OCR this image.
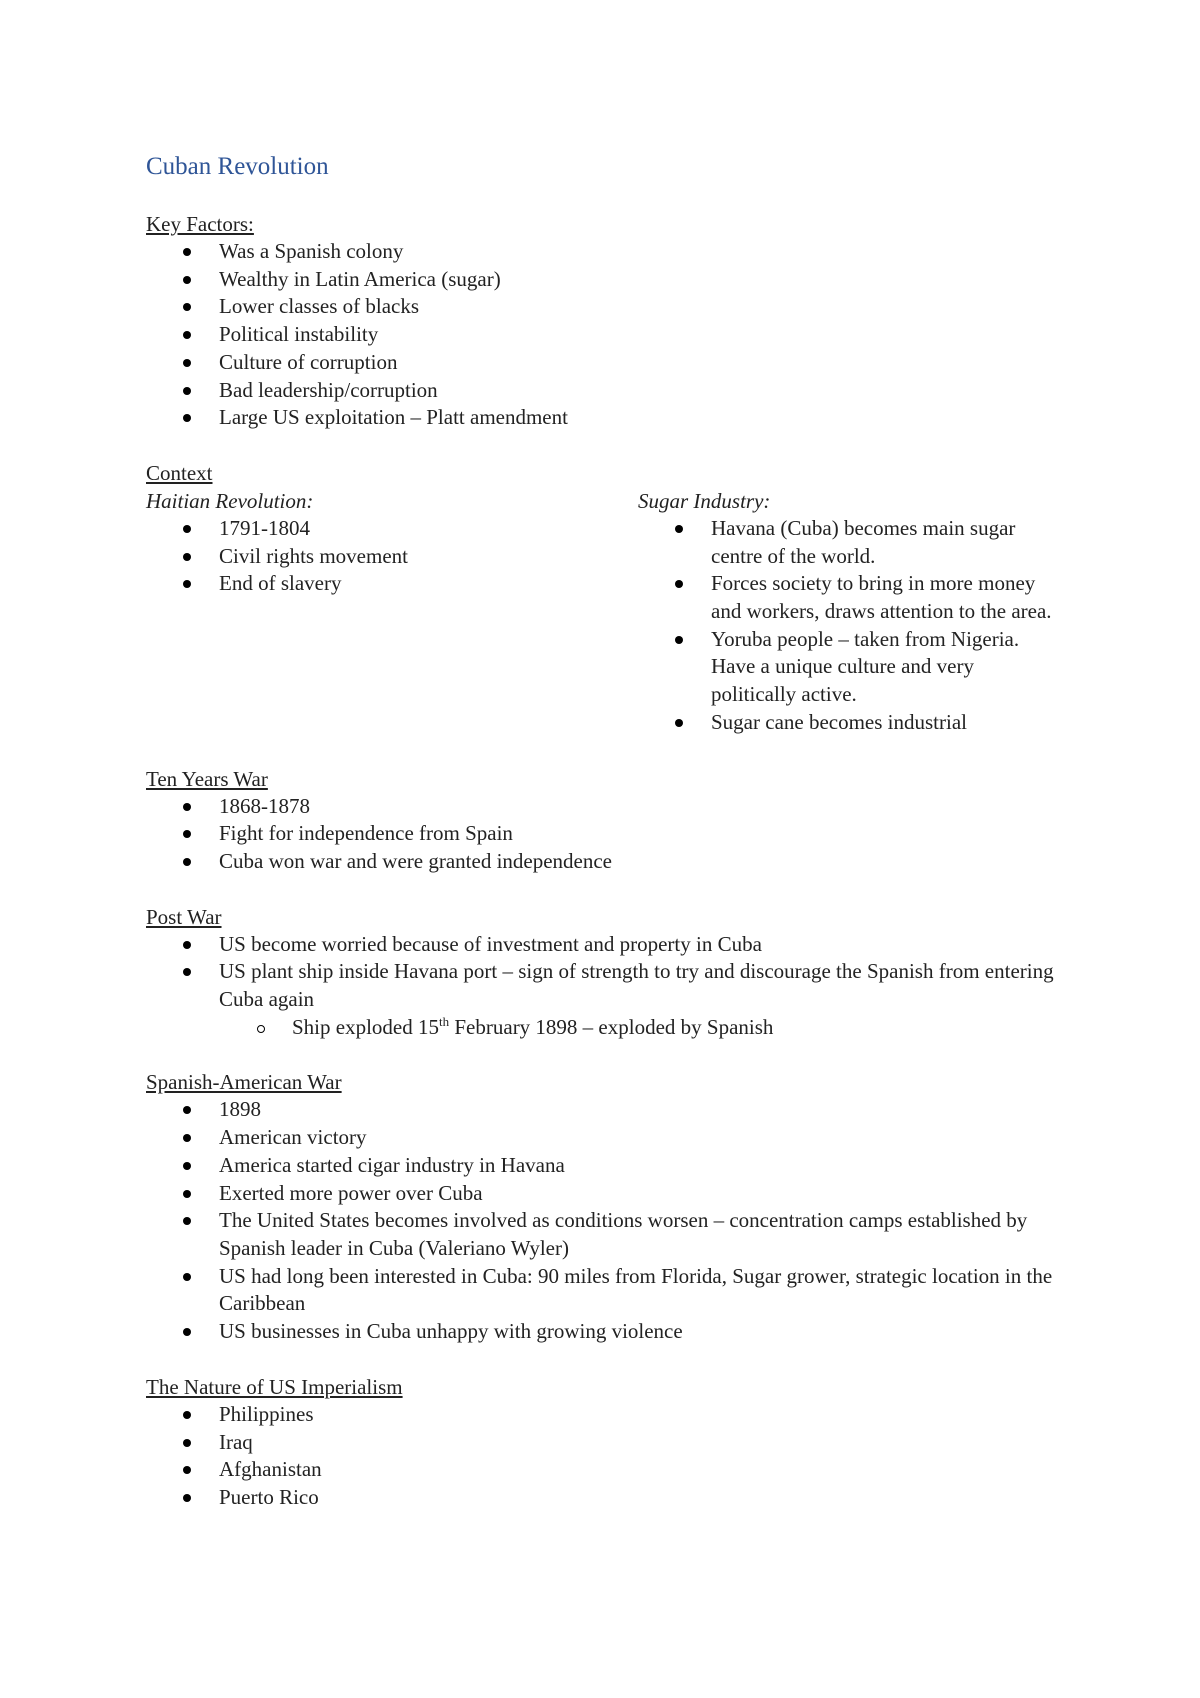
Cuban Revolution
Key Factors:
Was a Spanish colony
Wealthy in Latin America (sugar)
Lower classes of blacks
Political instability
Culture of corruption
Bad leadership/corruption
Large US exploitation – Platt amendment
Context
Haitian Revolution:
1791-1804
Civil rights movement
End of slavery
Sugar Industry:
Havana (Cuba) becomes main sugar centre of the world.
Forces society to bring in more money and workers, draws attention to the area.
Yoruba people – taken from Nigeria. Have a unique culture and very politically active.
Sugar cane becomes industrial
Ten Years War
1868-1878
Fight for independence from Spain
Cuba won war and were granted independence
Post War
US become worried because of investment and property in Cuba
US plant ship inside Havana port – sign of strength to try and discourage the Spanish from entering Cuba again
Ship exploded 15th February 1898 – exploded by Spanish
Spanish-American War
1898
American victory
America started cigar industry in Havana
Exerted more power over Cuba
The United States becomes involved as conditions worsen – concentration camps established by Spanish leader in Cuba (Valeriano Wyler)
US had long been interested in Cuba: 90 miles from Florida, Sugar grower, strategic location in the Caribbean
US businesses in Cuba unhappy with growing violence
The Nature of US Imperialism
Philippines
Iraq
Afghanistan
Puerto Rico
